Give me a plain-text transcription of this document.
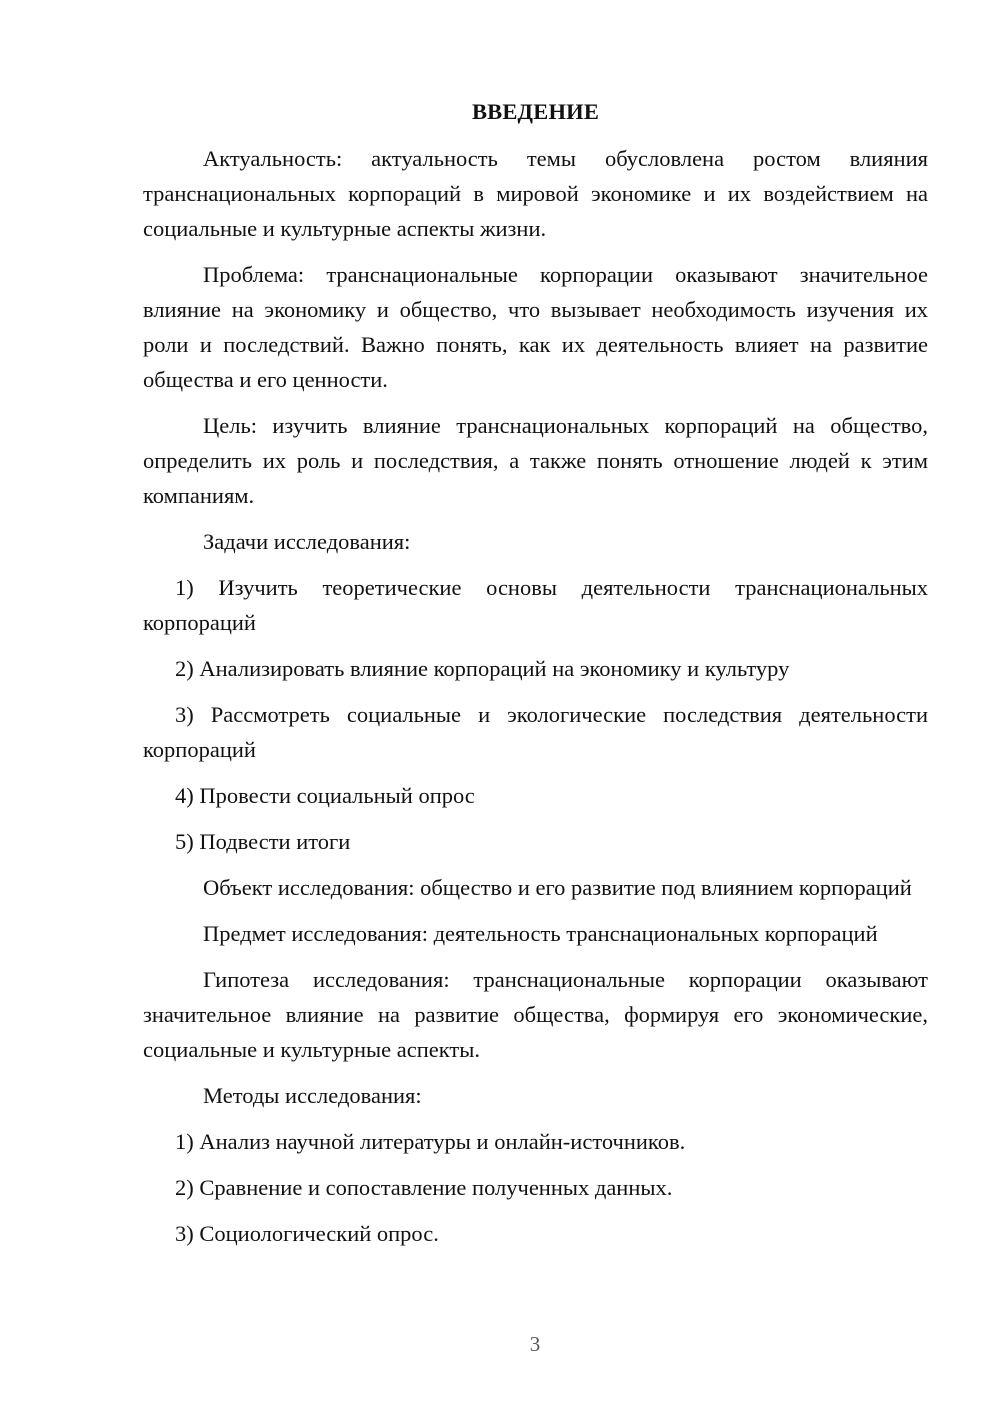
ВВЕДЕНИЕ

Актуальность: актуальность темы обусловлена ростом влияния транснациональных корпораций в мировой экономике и их воздействием на социальные и культурные аспекты жизни.

Проблема: транснациональные корпорации оказывают значительное влияние на экономику и общество, что вызывает необходимость изучения их роли и последствий. Важно понять, как их деятельность влияет на развитие общества и его ценности.

Цель: изучить влияние транснациональных корпораций на общество, определить их роль и последствия, а также понять отношение людей к этим компаниям.

Задачи исследования:

1) Изучить теоретические основы деятельности транснациональных корпораций

2) Анализировать влияние корпораций на экономику и культуру

3) Рассмотреть социальные и экологические последствия деятельности корпораций

4) Провести социальный опрос

5) Подвести итоги

Объект исследования: общество и его развитие под влиянием корпораций

Предмет исследования: деятельность транснациональных корпораций

Гипотеза исследования: транснациональные корпорации оказывают значительное влияние на развитие общества, формируя его экономические, социальные и культурные аспекты.

Методы исследования:

1) Анализ научной литературы и онлайн-источников.

2) Сравнение и сопоставление полученных данных.

3) Социологический опрос.

3
